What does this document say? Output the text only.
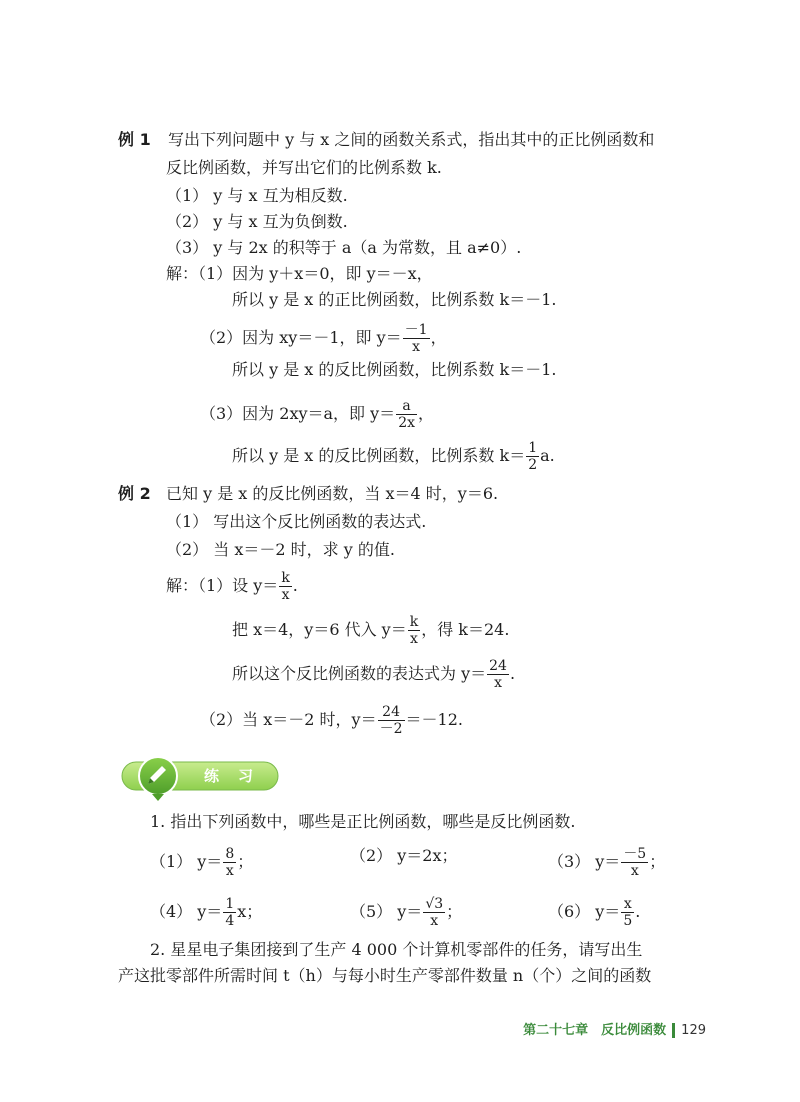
例 1 写出下列问题中 y 与 x 之间的函数关系式，指出其中的正比例函数和
反比例函数，并写出它们的比例系数 k.
（1） y 与 x 互为相反数.
（2） y 与 x 互为负倒数.
（3） y 与 2x 的积等于 a（a 为常数，且 a≠0）.
解：（1）因为 y＋x＝0，即 y＝－x，
所以 y 是 x 的正比例函数，比例系数 k＝－1.
（2）因为 xy＝－1，即 $y= \frac{-1}{x}$ ，
所以 y 是 x 的反比例函数，比例系数 k＝－1.
（3）因为 2xy＝a，即 $y= \frac{a}{2x}$ ，
所以 y 是 x 的反比例函数，比例系数 $k= \frac{1}{2} a$.
例 2 已知 y 是 x 的反比例函数，当 x＝4 时，y＝6.
（1） 写出这个反比例函数的表达式.
（2） 当 x＝－2 时，求 y 的值.
解：（1）设 $y= \frac{k}{x}$ .
把 x＝4，y＝6 代入 $y= \frac{k}{x}$ ，得 k＝24.
所以这个反比例函数的表达式为 $y= \frac{24}{x}$ .
（2）当 x＝－2 时，$y= \frac{24}{-2} =-12$.
练　习
1. 指出下列函数中，哪些是正比例函数，哪些是反比例函数.
（1） $y= \frac{8}{x}$ ；	（2） y＝2x；	（3） $y= \frac{-5}{x}$ ；
（4） $y= \frac{1}{4}$ x；	（5） $y= \frac{√3}{x}$ ；	（6） $y= \frac{x}{5}$ .
2. 星星电子集团接到了生产 4 000 个计算机零部件的任务，请写出生
产这批零部件所需时间 t（h）与每小时生产零部件数量 n（个）之间的函数
第二十七章　反比例函数 129
